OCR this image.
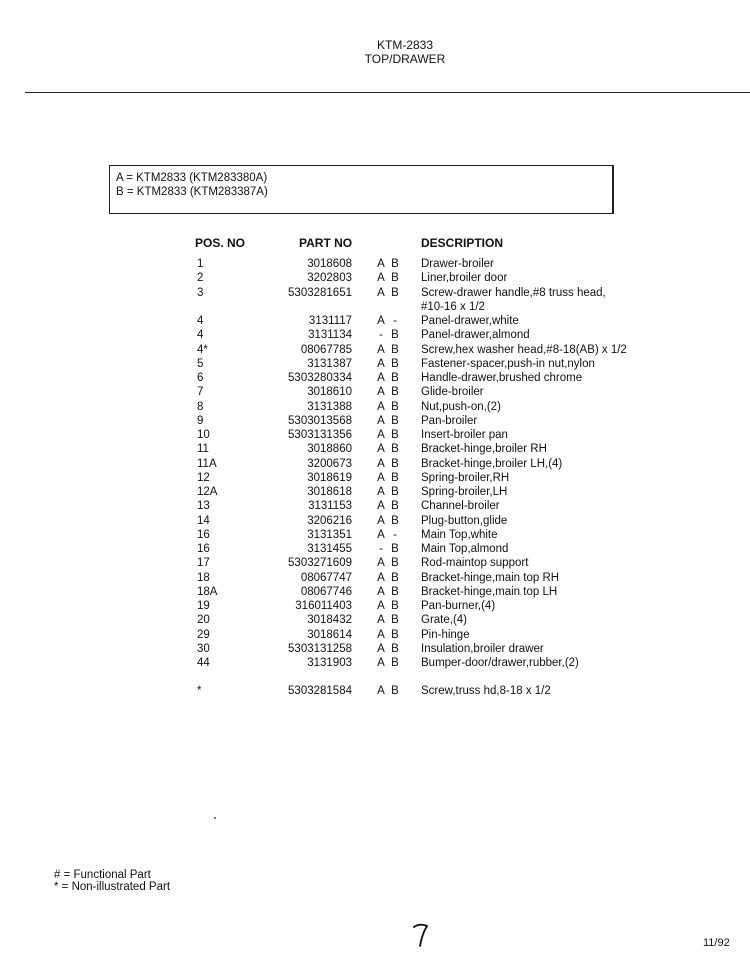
KTM-2833
TOP/DRAWER
A = KTM2833 (KTM283380A)
B = KTM2833 (KTM283387A)
POS. NO	PART NO	DESCRIPTION
1	3018608 A B Drawer-broiler
2	3202803 A B Liner,broiler door
3	5303281651 A B Screw-drawer handle,#8 truss head,
#10-16 x 1/2
4	3131117 A - Panel-drawer,white
4	3131134 - B Panel-drawer,almond
4*	08067785 A B Screw,hex washer head,#8-18(AB) x 1/2
5	3131387 A B Fastener-spacer,push-in nut,nylon
6	5303280334 A B Handle-drawer,brushed chrome
7	3018610 A B Glide-broiler
8	3131388 A B Nut,push-on,(2)
9	5303013568 A B Pan-broiler
10	5303131356 A B Insert-broiler pan
11	3018860 A B Bracket-hinge,broiler RH
11A	3200673 A B Bracket-hinge,broiler LH,(4)
12	3018619 A B Spring-broiler,RH
12A	3018618 A B Spring-broiler,LH
13	3131153 A B Channel-broiler
14	3206216 A B Plug-button,glide
16	3131351 A - Main Top,white
16	3131455 - B Main Top,almond
17	5303271609 A B Rod-maintop support
18	08067747 A B Bracket-hinge,main top RH
18A	08067746 A B Bracket-hinge,main top LH
19	316011403 A B Pan-burner,(4)
20	3018432 A B Grate,(4)
29	3018614 A B Pin-hinge
30	5303131258 A B Insulation,broiler drawer
44	3131903 A B Bumper-door/drawer,rubber,(2)
*	5303281584 A B Screw,truss hd,8-18 x 1/2
# = Functional Part
* = Non-illustrated Part
11/92
